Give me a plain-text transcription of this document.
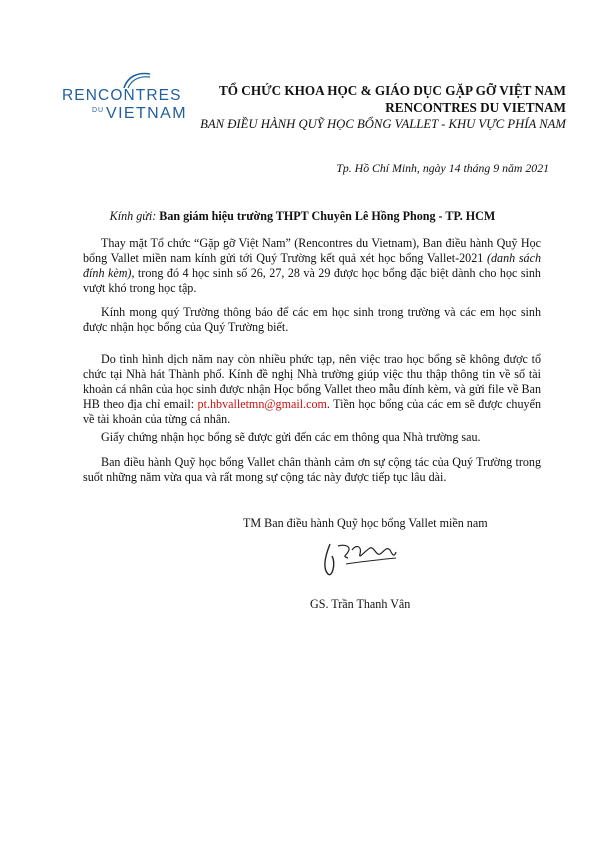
RENCONTRES
DU VIETNAM
TỔ CHỨC KHOA HỌC & GIÁO DỤC GẶP GỠ VIỆT NAM
RENCONTRES DU VIETNAM
BAN ĐIỀU HÀNH QUỸ HỌC BỔNG VALLET - KHU VỰC PHÍA NAM
Tp. Hồ Chí Minh, ngày 14 tháng 9 năm 2021
Kính gửi: Ban giám hiệu trường THPT Chuyên Lê Hồng Phong - TP. HCM
Thay mặt Tổ chức “Gặp gỡ Việt Nam” (Rencontres du Vietnam), Ban điều hành Quỹ Học bổng Vallet miền nam kính gửi tới Quý Trường kết quả xét học bổng Vallet-2021 (danh sách đính kèm), trong đó 4 học sinh số 26, 27, 28 và 29 được học bổng đặc biệt dành cho học sinh vượt khó trong học tập.
Kính mong quý Trường thông báo để các em học sinh trong trường và các em học sinh được nhận học bổng của Quý Trường biết.
Do tình hình dịch năm nay còn nhiều phức tạp, nên việc trao học bổng sẽ không được tổ chức tại Nhà hát Thành phố. Kính đề nghị Nhà trường giúp việc thu thập thông tin về số tài khoản cá nhân của học sinh được nhận Học bổng Vallet theo mẫu đính kèm, và gửi file về Ban HB theo địa chỉ email: pt.hbvalletmn@gmail.com. Tiền học bổng của các em sẽ được chuyển về tài khoản của từng cá nhân.
Giấy chứng nhận học bổng sẽ được gửi đến các em thông qua Nhà trường sau.
Ban điều hành Quỹ học bổng Vallet chân thành cảm ơn sự cộng tác của Quý Trường trong suốt những năm vừa qua và rất mong sự cộng tác này được tiếp tục lâu dài.
TM Ban điều hành Quỹ học bổng Vallet miền nam
GS. Trần Thanh Vân
